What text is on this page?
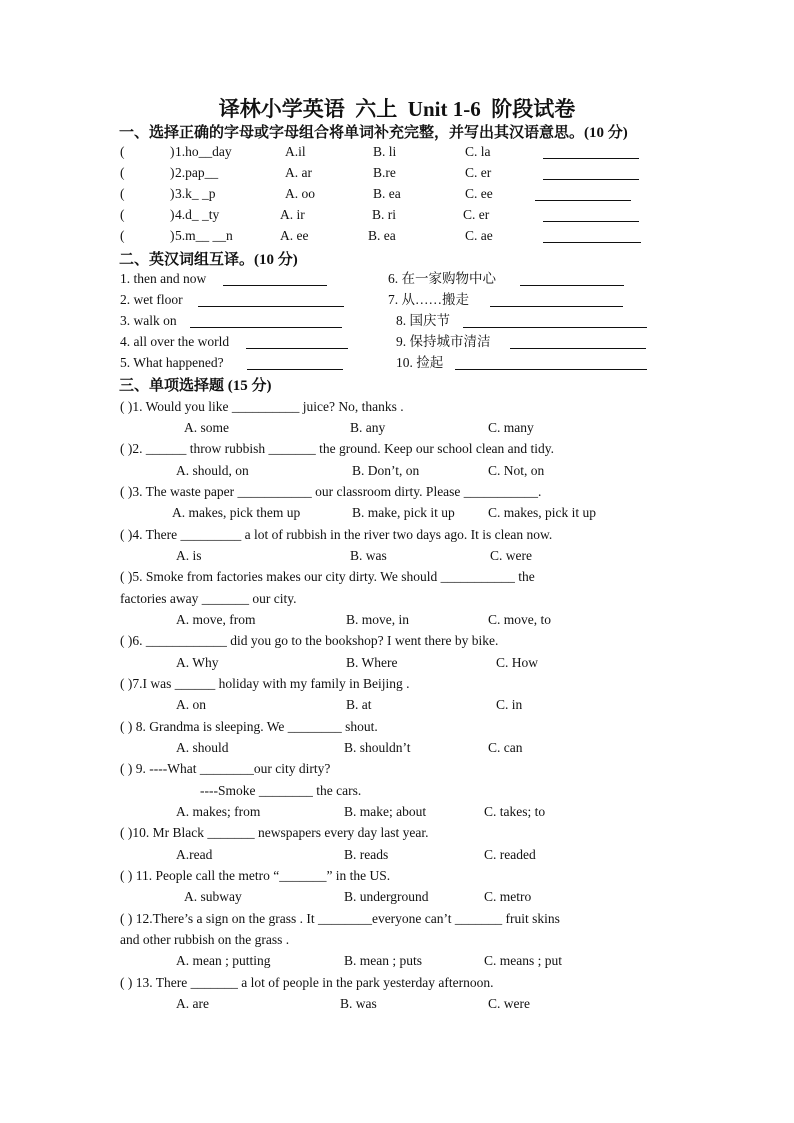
译林小学英语  六上  Unit 1-6  阶段试卷
一、选择正确的字母或字母组合将单词补充完整，并写出其汉语意思。(10 分)
(	) 1.ho__day	A.il	B. li	C. la
(	) 2.pap__	A. ar	B.re	C. er
(	) 3.k_ _p	A. oo	B. ea	C. ee
(	) 4.d_ _ty	A. ir	B. ri	C. er
(	) 5.m__ __n	A. ee	B. ea	C. ae
二、英汉词组互译。(10 分)
1. then and now	6. 在一家购物中心
2. wet floor	7. 从……搬走
3. walk on	8. 国庆节
4. all over the world	9. 保持城市清洁
5. What happened?	10. 捡起
三、单项选择题 (15 分)
( )1. Would you like __________ juice? No, thanks .
A. some	B. any	C. many
( )2. ______ throw rubbish _______ the ground. Keep our school clean and tidy.
A. should, on	B. Don’t, on	C. Not, on
( )3. The waste paper ___________ our classroom dirty. Please ___________.
A. makes, pick them up	B. make, pick it up C. makes, pick it up
( )4. There _________ a lot of rubbish in the river two days ago. It is clean now.
A. is	B. was	C. were
( )5. Smoke from factories makes our city dirty. We should ___________ the
factories away _______ our city.
A. move, from	B. move, in	C. move, to
( )6. ____________ did you go to the bookshop? I went there by bike.
A. Why	B. Where	C. How
( )7.I was ______ holiday with my family in Beijing .
A. on	B. at	C. in
( ) 8. Grandma is sleeping. We ________ shout.
A. should	B. shouldn’t	C. can
( ) 9. ----What ________our city dirty?
----Smoke ________ the cars.
A. makes; from	B. make; about	C. takes; to
( )10. Mr Black _______ newspapers every day last year.
A.read	B. reads	C. readed
( ) 11. People call the metro “_______” in the US.
A. subway	B. underground	C. metro
( ) 12.There’s a sign on the grass . It ________everyone can’t _______ fruit skins
and other rubbish on the grass .
A. mean ; putting	B. mean ; puts	C. means ; put
( ) 13. There _______ a lot of people in the park yesterday afternoon.
A. are	B. was	C. were
